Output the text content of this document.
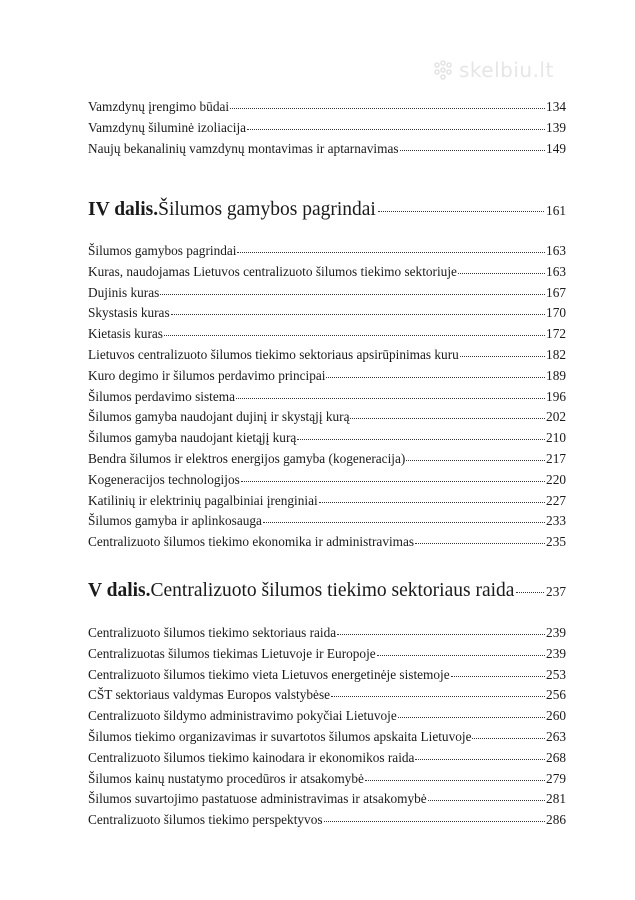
skelbiu.lt
Vamzdynų įrengimo būdai	134
Vamzdynų šiluminė izoliacija	139
Naujų bekanalinių vamzdynų montavimas ir aptarnavimas	149
IV dalis. Šilumos gamybos pagrindai	161
Šilumos gamybos pagrindai	163
Kuras, naudojamas Lietuvos centralizuoto šilumos tiekimo sektoriuje	163
Dujinis kuras	167
Skystasis kuras	170
Kietasis kuras	172
Lietuvos centralizuoto šilumos tiekimo sektoriaus apsirūpinimas kuru	182
Kuro degimo ir šilumos perdavimo principai	189
Šilumos perdavimo sistema	196
Šilumos gamyba naudojant dujinį ir skystąjį kurą	202
Šilumos gamyba naudojant kietąjį kurą	210
Bendra šilumos ir elektros energijos gamyba (kogeneracija)	217
Kogeneracijos technologijos	220
Katilinių ir elektrinių pagalbiniai įrenginiai	227
Šilumos gamyba ir aplinkosauga	233
Centralizuoto šilumos tiekimo ekonomika ir administravimas	235
V dalis. Centralizuoto šilumos tiekimo sektoriaus raida 237
Centralizuoto šilumos tiekimo sektoriaus raida	239
Centralizuotas šilumos tiekimas Lietuvoje ir Europoje	239
Centralizuoto šilumos tiekimo vieta Lietuvos energetinėje sistemoje	253
CŠT sektoriaus valdymas Europos valstybėse	256
Centralizuoto šildymo administravimo pokyčiai Lietuvoje	260
Šilumos tiekimo organizavimas ir suvartotos šilumos apskaita Lietuvoje	263
Centralizuoto šilumos tiekimo kainodara ir ekonomikos raida	268
Šilumos kainų nustatymo procedūros ir atsakomybė	279
Šilumos suvartojimo pastatuose administravimas ir atsakomybė	281
Centralizuoto šilumos tiekimo perspektyvos	286
